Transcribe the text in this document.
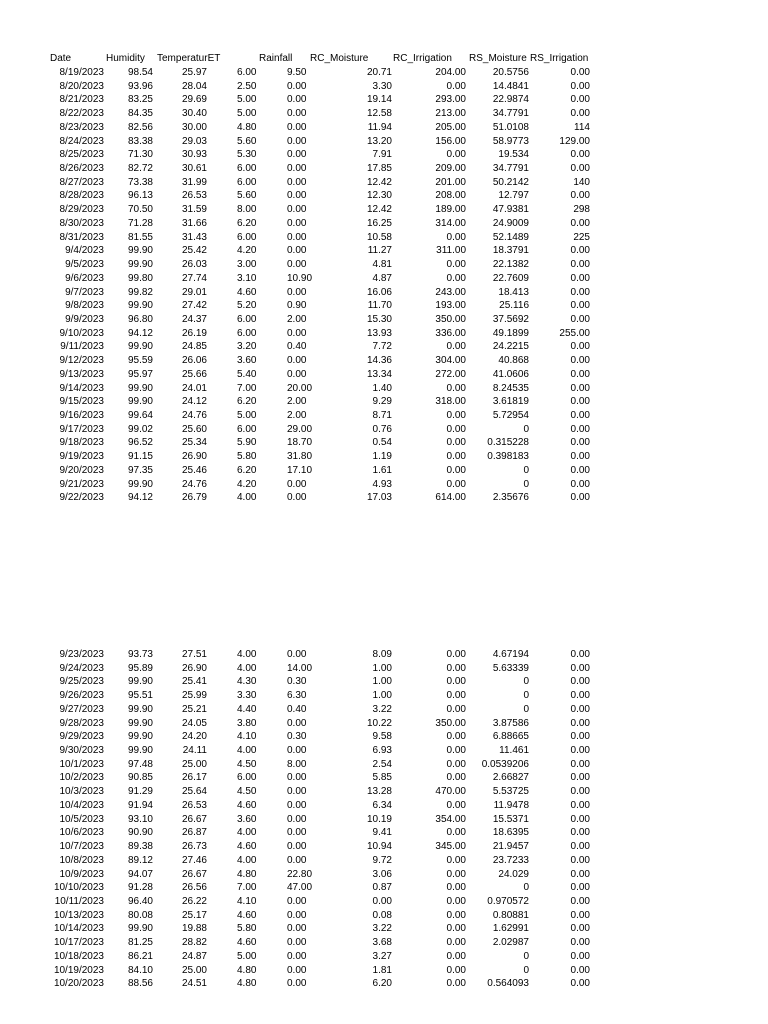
Date	Humidity TemperaturET	Rainfall RC_Moisture RC_Irrigation RS_Moisture RS_Irrigation
8/19/2023	98.54	25.97	6.00	9.50	20.71	204.00	20.5756	0.00
8/20/2023	93.96	28.04	2.50	0.00	3.30	0.00	14.4841	0.00
8/21/2023	83.25	29.69	5.00	0.00	19.14	293.00	22.9874	0.00
8/22/2023	84.35	30.40	5.00	0.00	12.58	213.00	34.7791	0.00
8/23/2023	82.56	30.00	4.80	0.00	11.94	205.00	51.0108	114
8/24/2023	83.38	29.03	5.60	0.00	13.20	156.00	58.9773	129.00
8/25/2023	71.30	30.93	5.30	0.00	7.91	0.00	19.534	0.00
8/26/2023	82.72	30.61	6.00	0.00	17.85	209.00	34.7791	0.00
8/27/2023	73.38	31.99	6.00	0.00	12.42	201.00	50.2142	140
8/28/2023	96.13	26.53	5.60	0.00	12.30	208.00	12.797	0.00
8/29/2023	70.50	31.59	8.00	0.00	12.42	189.00	47.9381	298
8/30/2023	71.28	31.66	6.20	0.00	16.25	314.00	24.9009	0.00
8/31/2023	81.55	31.43	6.00	0.00	10.58	0.00	52.1489	225
9/4/2023	99.90	25.42	4.20	0.00	11.27	311.00	18.3791	0.00
9/5/2023	99.90	26.03	3.00	0.00	4.81	0.00	22.1382	0.00
9/6/2023	99.80	27.74	3.10	10.90	4.87	0.00	22.7609	0.00
9/7/2023	99.82	29.01	4.60	0.00	16.06	243.00	18.413	0.00
9/8/2023	99.90	27.42	5.20	0.90	11.70	193.00	25.116	0.00
9/9/2023	96.80	24.37	6.00	2.00	15.30	350.00	37.5692	0.00
9/10/2023	94.12	26.19	6.00	0.00	13.93	336.00	49.1899	255.00
9/11/2023	99.90	24.85	3.20	0.40	7.72	0.00	24.2215	0.00
9/12/2023	95.59	26.06	3.60	0.00	14.36	304.00	40.868	0.00
9/13/2023	95.97	25.66	5.40	0.00	13.34	272.00	41.0606	0.00
9/14/2023	99.90	24.01	7.00	20.00	1.40	0.00	8.24535	0.00
9/15/2023	99.90	24.12	6.20	2.00	9.29	318.00	3.61819	0.00
9/16/2023	99.64	24.76	5.00	2.00	8.71	0.00	5.72954	0.00
9/17/2023	99.02	25.60	6.00	29.00	0.76	0.00	0	0.00
9/18/2023	96.52	25.34	5.90	18.70	0.54	0.00	0.315228	0.00
9/19/2023	91.15	26.90	5.80	31.80	1.19	0.00	0.398183	0.00
9/20/2023	97.35	25.46	6.20	17.10	1.61	0.00	0	0.00
9/21/2023	99.90	24.76	4.20	0.00	4.93	0.00	0	0.00
9/22/2023	94.12	26.79	4.00	0.00	17.03	614.00	2.35676	0.00
9/23/2023	93.73	27.51	4.00	0.00	8.09	0.00	4.67194	0.00
9/24/2023	95.89	26.90	4.00	14.00	1.00	0.00	5.63339	0.00
9/25/2023	99.90	25.41	4.30	0.30	1.00	0.00	0	0.00
9/26/2023	95.51	25.99	3.30	6.30	1.00	0.00	0	0.00
9/27/2023	99.90	25.21	4.40	0.40	3.22	0.00	0	0.00
9/28/2023	99.90	24.05	3.80	0.00	10.22	350.00	3.87586	0.00
9/29/2023	99.90	24.20	4.10	0.30	9.58	0.00	6.88665	0.00
9/30/2023	99.90	24.11	4.00	0.00	6.93	0.00	11.461	0.00
10/1/2023	97.48	25.00	4.50	8.00	2.54	0.00	0.0539206	0.00
10/2/2023	90.85	26.17	6.00	0.00	5.85	0.00	2.66827	0.00
10/3/2023	91.29	25.64	4.50	0.00	13.28	470.00	5.53725	0.00
10/4/2023	91.94	26.53	4.60	0.00	6.34	0.00	11.9478	0.00
10/5/2023	93.10	26.67	3.60	0.00	10.19	354.00	15.5371	0.00
10/6/2023	90.90	26.87	4.00	0.00	9.41	0.00	18.6395	0.00
10/7/2023	89.38	26.73	4.60	0.00	10.94	345.00	21.9457	0.00
10/8/2023	89.12	27.46	4.00	0.00	9.72	0.00	23.7233	0.00
10/9/2023	94.07	26.67	4.80	22.80	3.06	0.00	24.029	0.00
10/10/2023	91.28	26.56	7.00	47.00	0.87	0.00	0	0.00
10/11/2023	96.40	26.22	4.10	0.00	0.00	0.00	0.970572	0.00
10/13/2023	80.08	25.17	4.60	0.00	0.08	0.00	0.80881	0.00
10/14/2023	99.90	19.88	5.80	0.00	3.22	0.00	1.62991	0.00
10/17/2023	81.25	28.82	4.60	0.00	3.68	0.00	2.02987	0.00
10/18/2023	86.21	24.87	5.00	0.00	3.27	0.00	0	0.00
10/19/2023	84.10	25.00	4.80	0.00	1.81	0.00	0	0.00
10/20/2023	88.56	24.51	4.80	0.00	6.20	0.00	0.564093	0.00
